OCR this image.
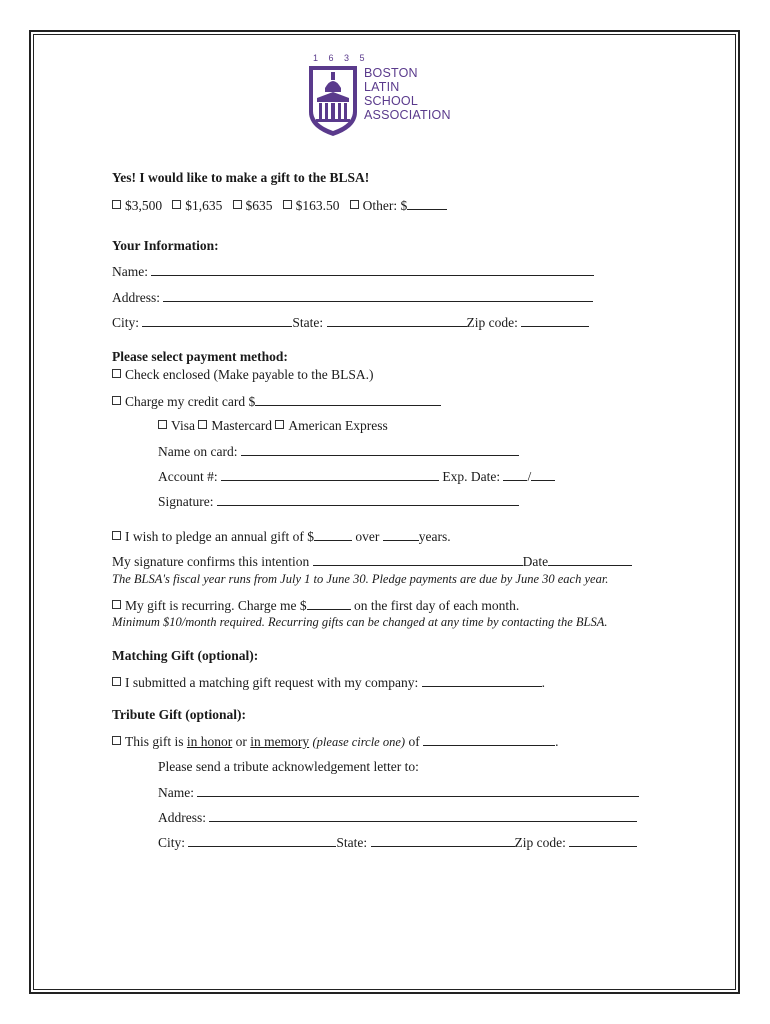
1 6 3 5
BOSTON
LATIN
SCHOOL
ASSOCIATION
Yes! I would like to make a gift to the BLSA!
$3,500 $1,635 $635 $163.50 Other: $
Your Information:
Name:
Address:
City:	State:	Zip code:
Please select payment method:
Check enclosed (Make payable to the BLSA.)
Charge my credit card $
Visa Mastercard American Express
Name on card:
Account #:	Exp. Date: /
Signature:
I wish to pledge an annual gift of $	over	years.
My signature confirms this intention	Date
The BLSA's fiscal year runs from July 1 to June 30. Pledge payments are due by June 30 each year.
My gift is recurring. Charge me $	on the first day of each month.
Minimum $10/month required. Recurring gifts can be changed at any time by contacting the BLSA.
Matching Gift (optional):
I submitted a matching gift request with my company:	.
Tribute Gift (optional):
This gift is in honor or in memory (please circle one) of	.
Please send a tribute acknowledgement letter to:
Name:
Address:
City:	State:	Zip code:
